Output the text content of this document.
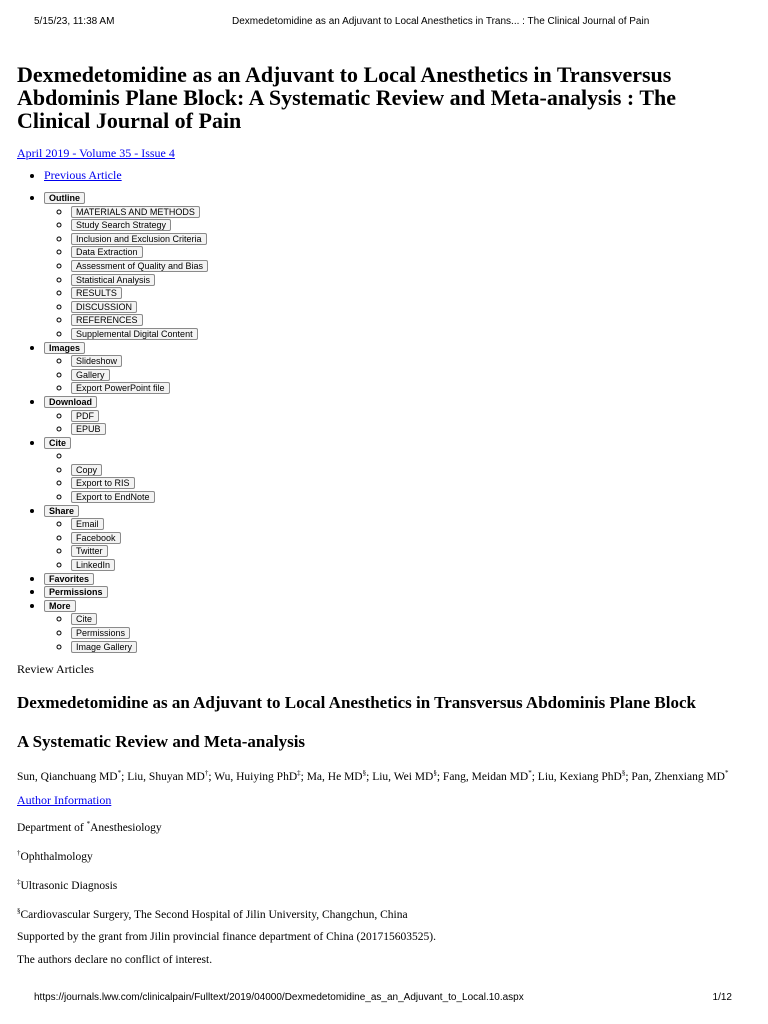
5/15/23, 11:38 AM	Dexmedetomidine as an Adjuvant to Local Anesthetics in Trans... : The Clinical Journal of Pain
Dexmedetomidine as an Adjuvant to Local Anesthetics in Transversus Abdominis Plane Block: A Systematic Review and Meta-analysis : The Clinical Journal of Pain
April 2019 - Volume 35 - Issue 4
• Previous Article
• Outline
◦ MATERIALS AND METHODS
◦ Study Search Strategy
◦ Inclusion and Exclusion Criteria
◦ Data Extraction
◦ Assessment of Quality and Bias
◦ Statistical Analysis
◦ RESULTS
◦ DISCUSSION
◦ REFERENCES
◦ Supplemental Digital Content
• Images
◦ Slideshow
◦ Gallery
◦ Export PowerPoint file
• Download
◦ PDF
◦ EPUB
• Cite
◦
◦ Copy
◦ Export to RIS
◦ Export to EndNote
• Share
◦ Email
◦ Facebook
◦ Twitter
◦ LinkedIn
• Favorites
• Permissions
• More
◦ Cite
◦ Permissions
◦ Image Gallery
Review Articles
Dexmedetomidine as an Adjuvant to Local Anesthetics in Transversus Abdominis Plane Block
A Systematic Review and Meta-analysis
Sun, Qianchuang MD*; Liu, Shuyan MD†; Wu, Huiying PhD‡; Ma, He MD§; Liu, Wei MD§; Fang, Meidan MD*; Liu, Kexiang PhD§; Pan, Zhenxiang MD*
Author Information
Department of *Anesthesiology
†Ophthalmology
‡Ultrasonic Diagnosis
§Cardiovascular Surgery, The Second Hospital of Jilin University, Changchun, China
Supported by the grant from Jilin provincial finance department of China (201715603525).
The authors declare no conflict of interest.
https://journals.lww.com/clinicalpain/Fulltext/2019/04000/Dexmedetomidine_as_an_Adjuvant_to_Local.10.aspx	1/12
